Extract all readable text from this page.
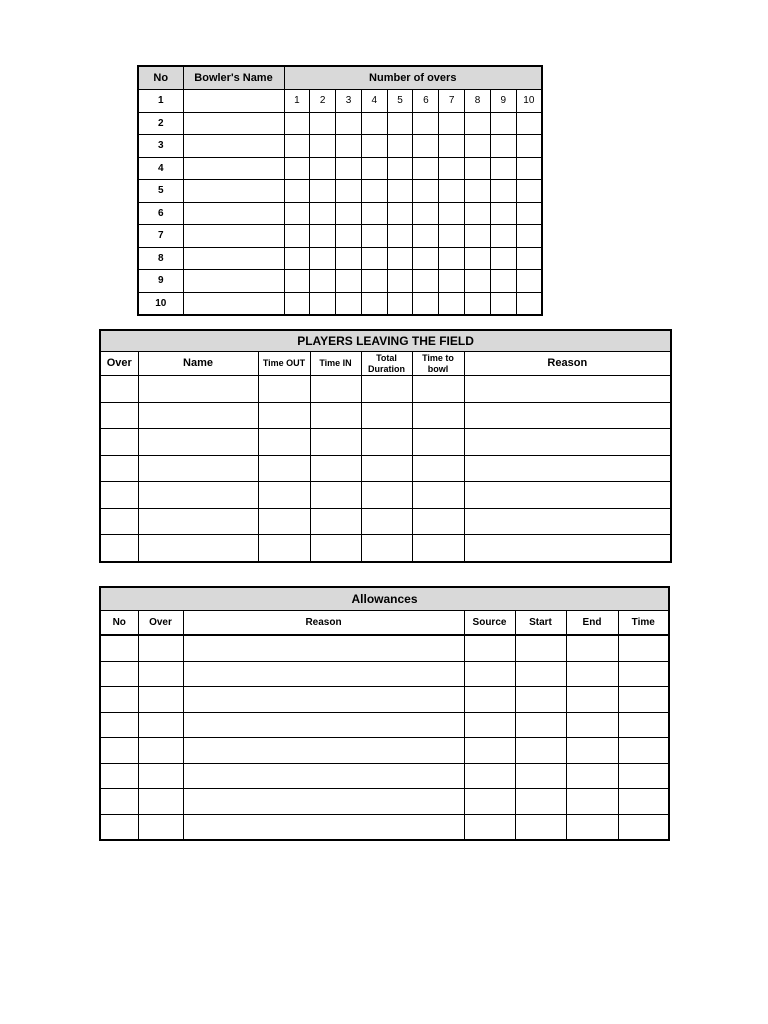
No	Bowler's Name	Number of overs									
1		1	2	3	4	5	6	7	8	9	10
2											
3											
4											
5											
6											
7											
8											
9											
10											
PLAYERS LEAVING THE FIELD						
Over	Name	Time OUT	Time IN	Total Duration	Time to bowl	Reason

Allowances						
No	Over	Reason	Source	Start	End	Time
